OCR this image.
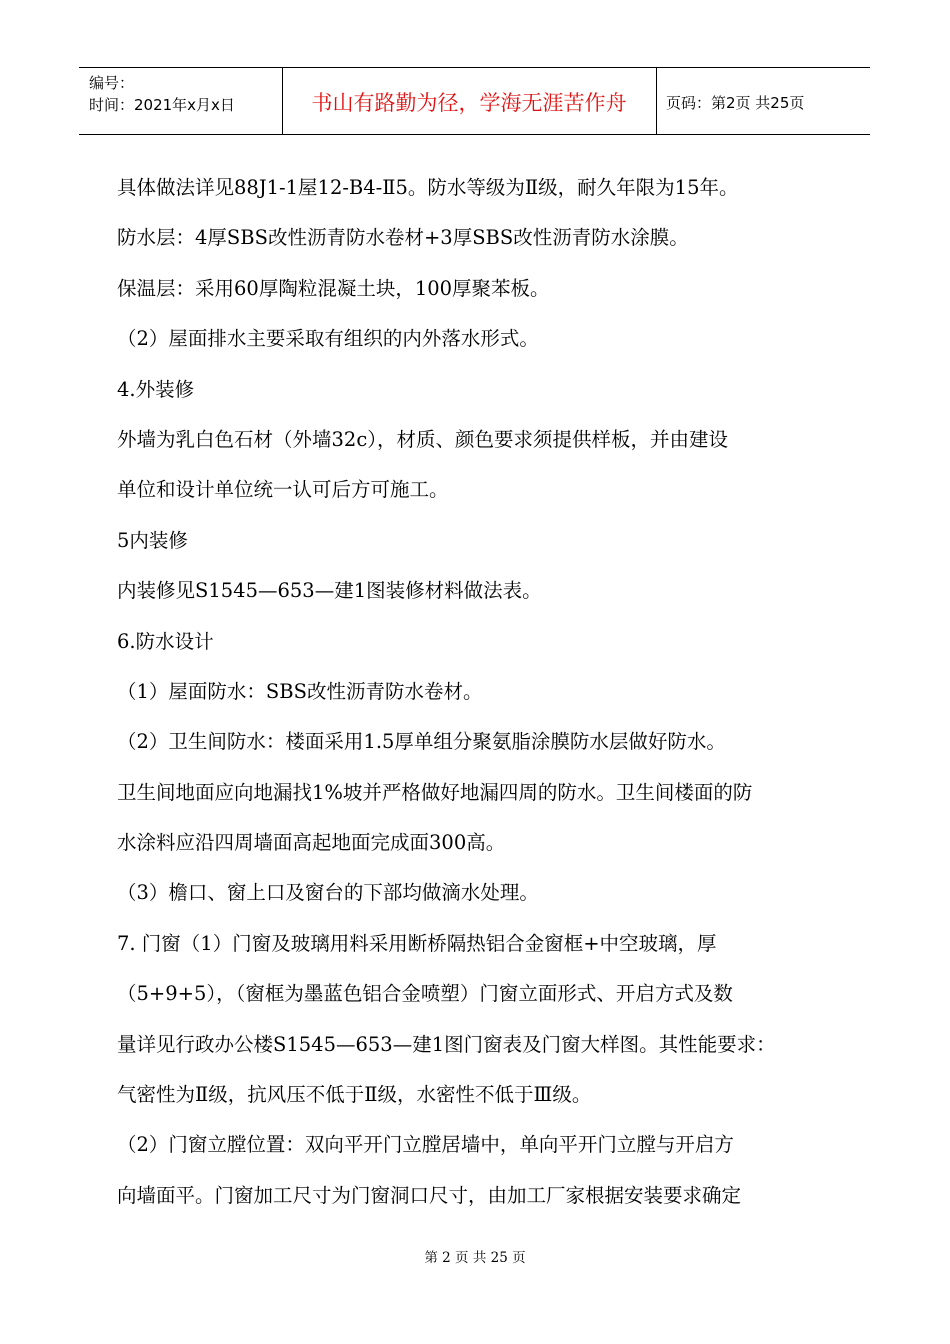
编号：
时间：2021年x月x日	书山有路勤为径，学海无涯苦作舟	页码：第2页 共25页
具体做法详见88J1-1屋12-B4-Ⅱ5。防水等级为Ⅱ级，耐久年限为15年。
防水层：4厚SBS改性沥青防水卷材+3厚SBS改性沥青防水涂膜。
保温层：采用60厚陶粒混凝土块，100厚聚苯板。
（2）屋面排水主要采取有组织的内外落水形式。
4.外装修
外墙为乳白色石材（外墙32c），材质、颜色要求须提供样板，并由建设
单位和设计单位统一认可后方可施工。
5内装修
内装修见S1545—653—建1图装修材料做法表。
6.防水设计
（1）屋面防水：SBS改性沥青防水卷材。
（2）卫生间防水：楼面采用1.5厚单组分聚氨脂涂膜防水层做好防水。
卫生间地面应向地漏找1%坡并严格做好地漏四周的防水。卫生间楼面的防
水涂料应沿四周墙面高起地面完成面300高。
（3）檐口、窗上口及窗台的下部均做滴水处理。
7. 门窗（1）门窗及玻璃用料采用断桥隔热铝合金窗框+中空玻璃，厚
（5+9+5），（窗框为墨蓝色铝合金喷塑）门窗立面形式、开启方式及数
量详见行政办公楼S1545—653—建1图门窗表及门窗大样图。其性能要求：
气密性为Ⅱ级，抗风压不低于Ⅱ级，水密性不低于Ⅲ级。
（2）门窗立膛位置：双向平开门立膛居墙中，单向平开门立膛与开启方
向墙面平。门窗加工尺寸为门窗洞口尺寸，由加工厂家根据安装要求确定
第 2 页 共 25 页
